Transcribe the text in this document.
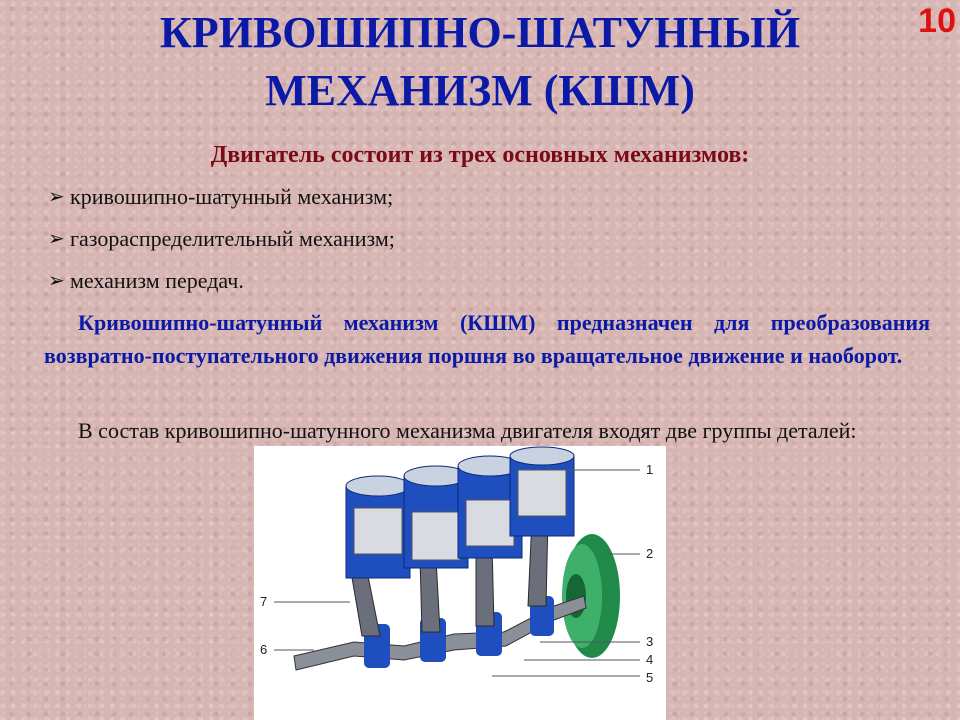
КРИВОШИПНО-ШАТУННЫЙ МЕХАНИЗМ (КШМ)
10
Двигатель состоит из трех основных механизмов:
➢ кривошипно-шатунный механизм;
➢ газораспределительный механизм;
➢ механизм передач.
Кривошипно-шатунный механизм (КШМ) предназначен для преобразования возвратно-поступательного движения поршня во вращательное движение и наоборот.
В состав кривошипно-шатунного механизма двигателя входят две группы деталей:
1
2
3
4
5
7
6
